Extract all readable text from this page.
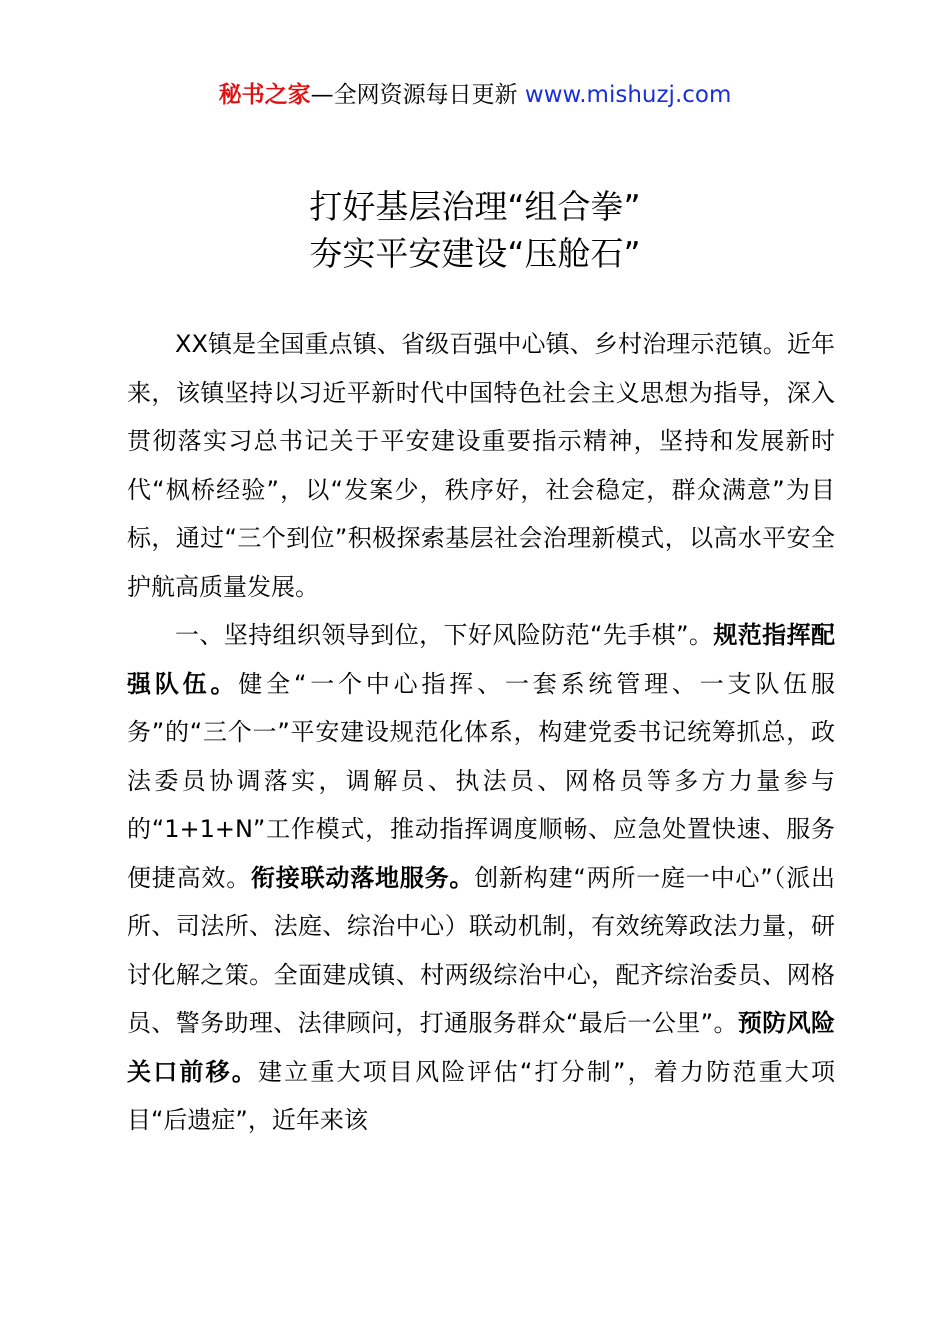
秘书之家—全网资源每日更新 www.mishuzj.com
打好基层治理“组合拳”
夯实平安建设“压舱石”

XX镇是全国重点镇、省级百强中心镇、乡村治理示范镇。近年来，该镇坚持以习近平新时代中国特色社会主义思想为指导，深入贯彻落实习总书记关于平安建设重要指示精神，坚持和发展新时代“枫桥经验”，以“发案少，秩序好，社会稳定，群众满意”为目标，通过“三个到位”积极探索基层社会治理新模式，以高水平安全护航高质量发展。

一、坚持组织领导到位，下好风险防范“先手棋”。规范指挥配强队伍。健全“一个中心指挥、一套系统管理、一支队伍服务”的“三个一”平安建设规范化体系，构建党委书记统筹抓总，政法委员协调落实，调解员、执法员、网格员等多方力量参与的“1+1+N”工作模式，推动指挥调度顺畅、应急处置快速、服务便捷高效。衔接联动落地服务。创新构建“两所一庭一中心”（派出所、司法所、法庭、综治中心）联动机制，有效统筹政法力量，研讨化解之策。全面建成镇、村两级综治中心，配齐综治委员、网格员、警务助理、法律顾问，打通服务群众“最后一公里”。预防风险关口前移。建立重大项目风险评估“打分制”，着力防范重大项目“后遗症”，近年来该
